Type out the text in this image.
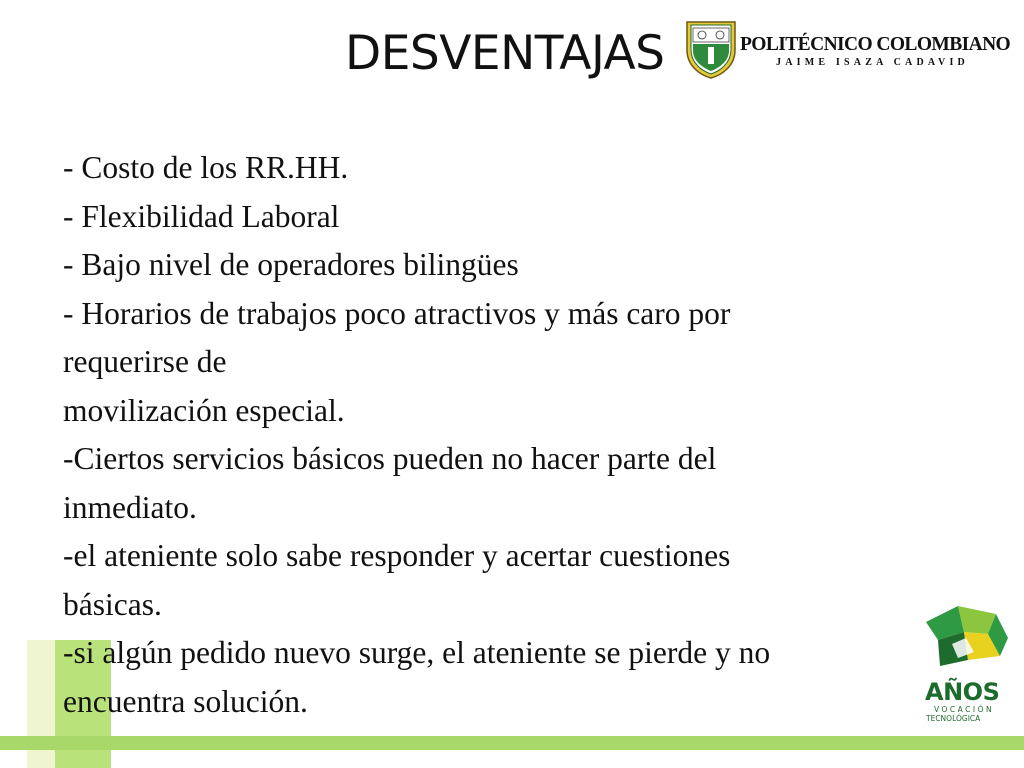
DESVENTAJAS	POLITÉCNICO COLOMBIANO
JAIME ISAZA CADAVID
- Costo de los RR.HH.
- Flexibilidad Laboral
- Bajo nivel de operadores bilingües
- Horarios de trabajos poco atractivos y más caro por
requerirse de
movilización especial.
-Ciertos servicios básicos pueden no hacer parte del
inmediato.
-el ateniente solo sabe responder y acertar cuestiones
básicas.
-si algún pedido nuevo surge, el ateniente se pierde y no
encuentra solución.	AÑOS
VOCACIÓN
TECNOLÓGICA
